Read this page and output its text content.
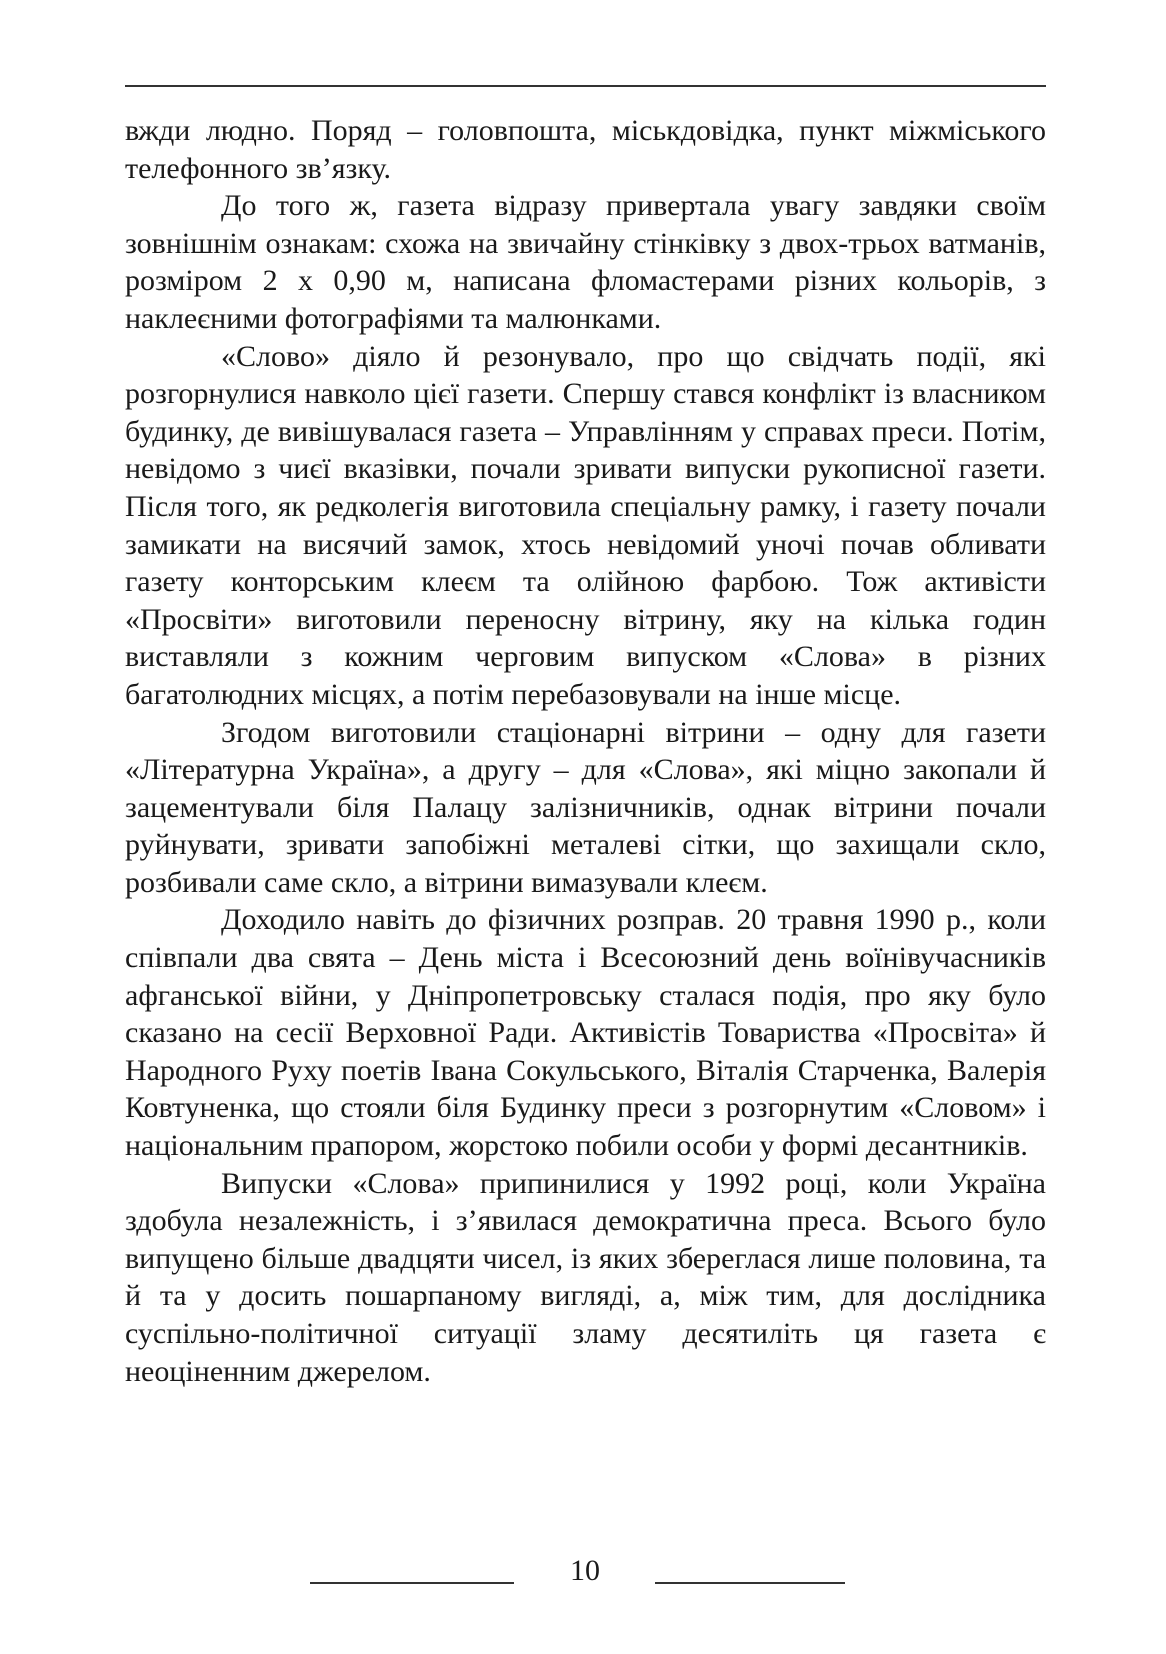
вжди людно. Поряд – головпошта, міськдовідка, пункт міжміського телефонного зв’язку.

До того ж, газета відразу привертала увагу завдяки своїм зовнішнім ознакам: схожа на звичайну стінківку з двох-трьох ватманів, розміром 2 х 0,90 м, написана фломастерами різних кольорів, з наклеєними фотографіями та малюнками.

«Слово» діяло й резонувало, про що свідчать події, які розгорнулися навколо цієї газети. Спершу стався конфлікт із власником будинку, де вивішувалася газета – Управлінням у справах преси. Потім, невідомо з чиєї вказівки, почали зривати випуски рукописної газети. Після того, як редколегія виготовила спеціальну рамку, і газету почали замикати на висячий замок, хтось невідомий уночі почав обливати газету конторським клеєм та олійною фарбою. Тож активісти «Просвіти» виготовили переносну вітрину, яку на кілька годин виставляли з кожним черговим випуском «Слова» в різних багатолюдних місцях, а потім перебазовували на інше місце.

Згодом виготовили стаціонарні вітрини – одну для газети «Літературна Україна», а другу – для «Слова», які міцно закопали й зацементували біля Палацу залізничників, однак вітрини почали руйнувати, зривати запобіжні металеві сітки, що захищали скло, розбивали саме скло, а вітрини вимазували клеєм.

Доходило навіть до фізичних розправ. 20 травня 1990 р., коли співпали два свята – День міста і Всесоюзний день воїнівучасників афганської війни, у Дніпропетровську сталася подія, про яку було сказано на сесії Верховної Ради. Активістів Товариства «Просвіта» й Народного Руху поетів Івана Сокульського, Віталія Старченка, Валерія Ковтуненка, що стояли біля Будинку преси з розгорнутим «Словом» і національним прапором, жорстоко побили особи у формі десантників.

Випуски «Слова» припинилися у 1992 році, коли Україна здобула незалежність, і з’явилася демократична преса. Всього було випущено більше двадцяти чисел, із яких збереглася лише половина, та й та у досить пошарпаному вигляді, а, між тим, для дослідника суспільно-політичної ситуації зламу десятиліть ця газета є неоціненним джерелом.

10
